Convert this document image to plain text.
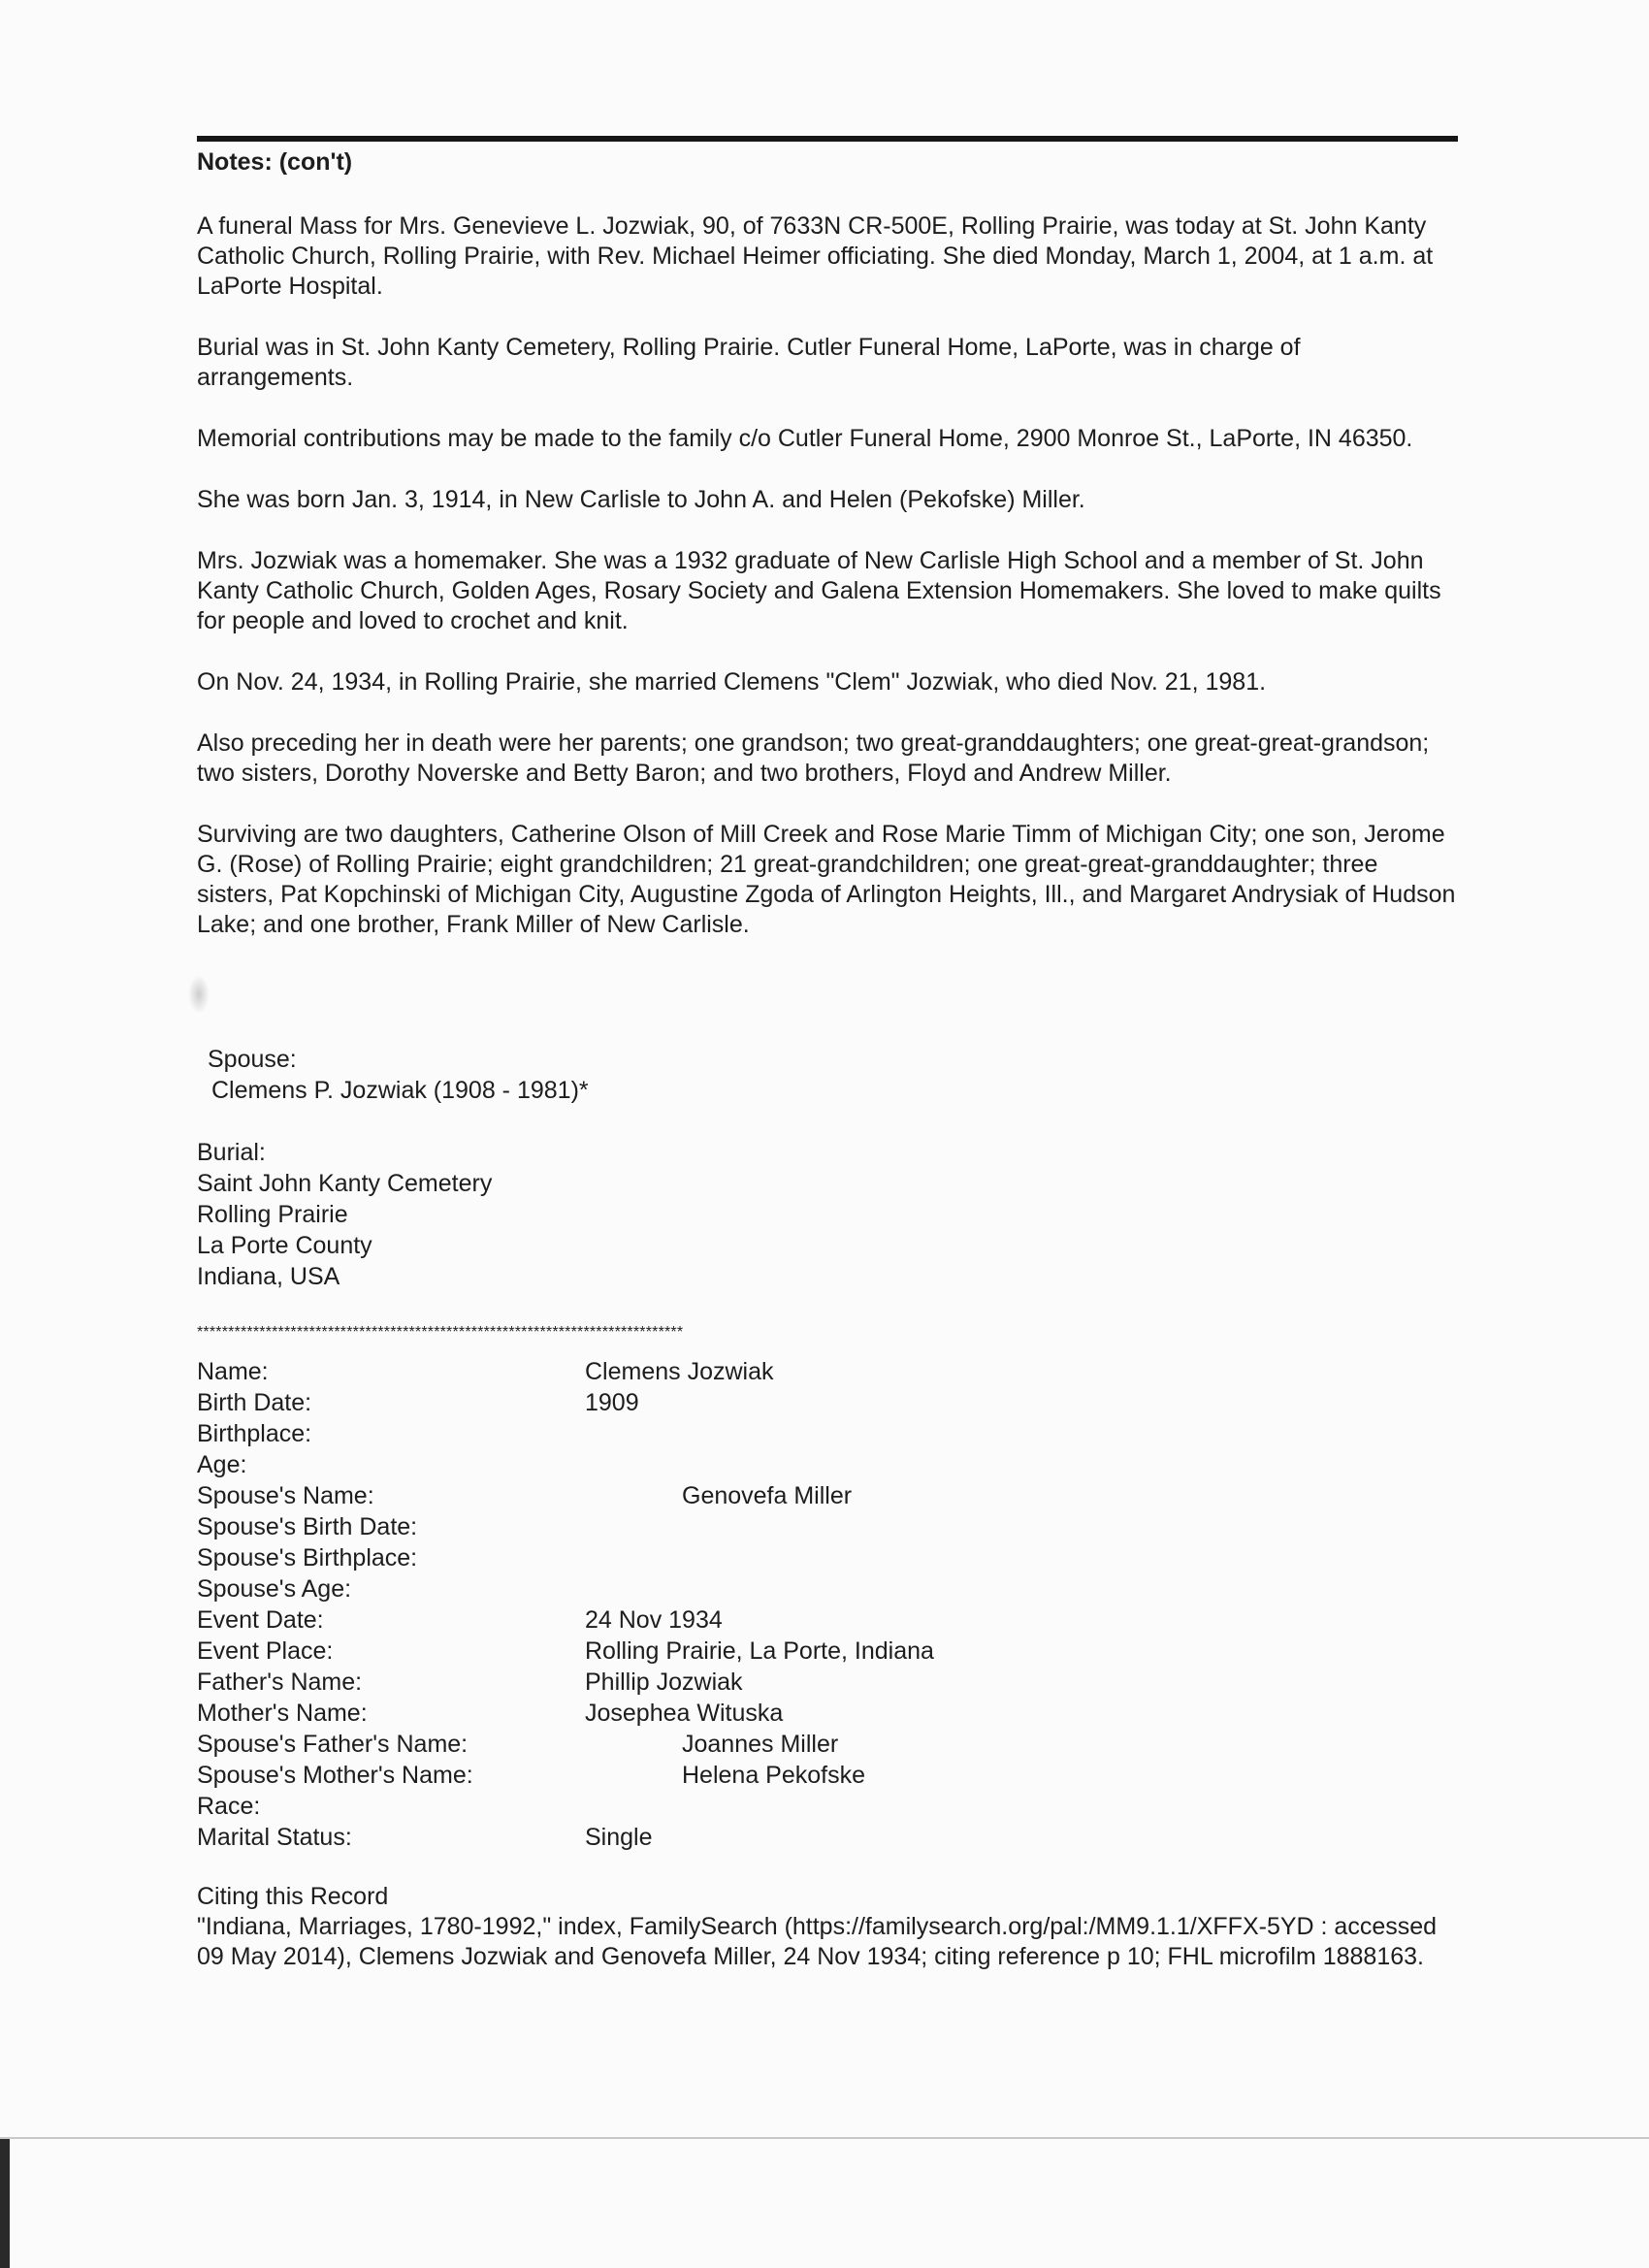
Notes: (con't)

A funeral Mass for Mrs. Genevieve L. Jozwiak, 90, of 7633N CR-500E, Rolling Prairie, was today at St. John Kanty Catholic Church, Rolling Prairie, with Rev. Michael Heimer officiating. She died Monday, March 1, 2004, at 1 a.m. at LaPorte Hospital.

Burial was in St. John Kanty Cemetery, Rolling Prairie. Cutler Funeral Home, LaPorte, was in charge of arrangements.

Memorial contributions may be made to the family c/o Cutler Funeral Home, 2900 Monroe St., LaPorte, IN 46350.

She was born Jan. 3, 1914, in New Carlisle to John A. and Helen (Pekofske) Miller.

Mrs. Jozwiak was a homemaker. She was a 1932 graduate of New Carlisle High School and a member of St. John Kanty Catholic Church, Golden Ages, Rosary Society and Galena Extension Homemakers. She loved to make quilts for people and loved to crochet and knit.

On Nov. 24, 1934, in Rolling Prairie, she married Clemens "Clem" Jozwiak, who died Nov. 21, 1981.

Also preceding her in death were her parents; one grandson; two great-granddaughters; one great-great-grandson; two sisters, Dorothy Noverske and Betty Baron; and two brothers, Floyd and Andrew Miller.

Surviving are two daughters, Catherine Olson of Mill Creek and Rose Marie Timm of Michigan City; one son, Jerome G. (Rose) of Rolling Prairie; eight grandchildren; 21 great-grandchildren; one great-great-granddaughter; three sisters, Pat Kopchinski of Michigan City, Augustine Zgoda of Arlington Heights, Ill., and Margaret Andrysiak of Hudson Lake; and one brother, Frank Miller of New Carlisle.

Spouse:
Clemens P. Jozwiak (1908 - 1981)*
Burial:
Saint John Kanty Cemetery
Rolling Prairie
La Porte County
Indiana, USA
******************************************************************************
Name:	Clemens Jozwiak
Birth Date:	1909
Birthplace:
Age:
Spouse's Name:	Genovefa Miller
Spouse's Birth Date:
Spouse's Birthplace:
Spouse's Age:
Event Date:	24 Nov 1934
Event Place:	Rolling Prairie, La Porte, Indiana
Father's Name:	Phillip Jozwiak
Mother's Name:	Josephea Wituska
Spouse's Father's Name:	Joannes Miller
Spouse's Mother's Name:	Helena Pekofske
Race:
Marital Status:	Single
Citing this Record
"Indiana, Marriages, 1780-1992," index, FamilySearch (https://familysearch.org/pal:/MM9.1.1/XFFX-5YD : accessed 09 May 2014), Clemens Jozwiak and Genovefa Miller, 24 Nov 1934; citing reference p 10; FHL microfilm 1888163.
